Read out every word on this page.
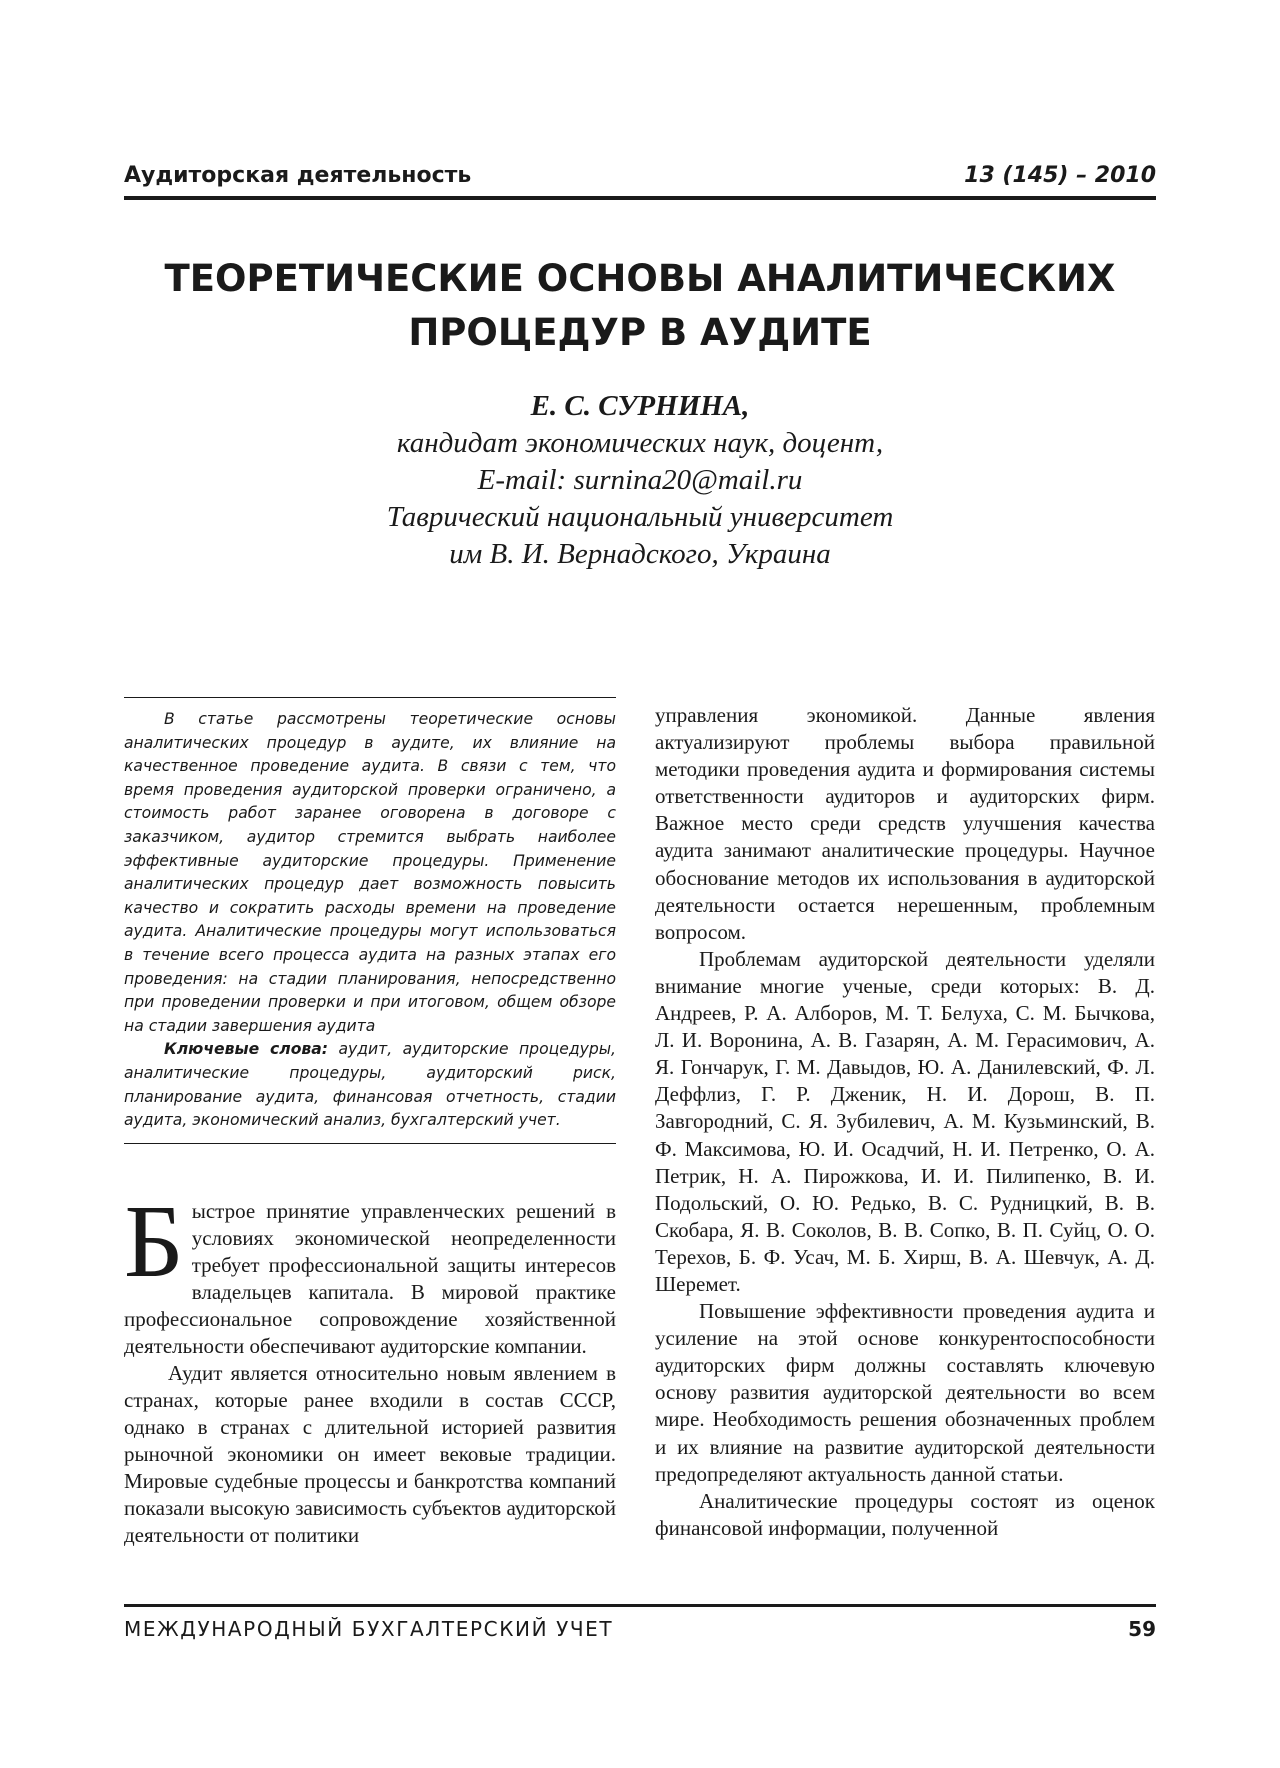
Аудиторская деятельность	13 (145) – 2010
ТЕОРЕТИЧЕСКИЕ ОСНОВЫ АНАЛИТИЧЕСКИХ
ПРОЦЕДУР В АУДИТЕ
Е. С. СУРНИНА,
кандидат экономических наук, доцент,
E-mail: surnina20@mail.ru
Таврический национальный университет
им В. И. Вернадского, Украина

В статье рассмотрены теоретические основы аналитических процедур в аудите, их влияние на качественное проведение аудита. В связи с тем, что время проведения аудиторской проверки ограничено, а стоимость работ заранее оговорена в договоре с заказчиком, аудитор стремится выбрать наиболее эффективные аудиторские процедуры. Применение аналитических процедур дает возможность повысить качество и сократить расходы времени на проведение аудита. Аналитические процедуры могут использоваться в течение всего процесса аудита на разных этапах его проведения: на стадии планирования, непосредственно при проведении проверки и при итоговом, общем обзоре на стадии завершения аудита

Ключевые слова: аудит, аудиторские процедуры, аналитические процедуры, аудиторский риск, планирование аудита, финансовая отчетность, стадии аудита, экономический анализ, бухгалтерский учет.

Быстрое принятие управленческих решений в условиях экономической неопределенности требует профессиональной защиты интересов владельцев капитала. В мировой практике профессиональное сопровождение хозяйственной деятельности обеспечивают аудиторские компании.

Аудит является относительно новым явлением в странах, которые ранее входили в состав СССР, однако в странах с длительной историей развития рыночной экономики он имеет вековые традиции. Мировые судебные процессы и банкротства компаний показали высокую зависимость субъектов аудиторской деятельности от политики

управления экономикой. Данные явления актуализируют проблемы выбора правильной методики проведения аудита и формирования системы ответственности аудиторов и аудиторских фирм. Важное место среди средств улучшения качества аудита занимают аналитические процедуры. Научное обоснование методов их использования в аудиторской деятельности остается нерешенным, проблемным вопросом.

Проблемам аудиторской деятельности уделяли внимание многие ученые, среди которых: В. Д. Андреев, Р. А. Алборов, М. Т. Белуха, С. М. Бычкова, Л. И. Воронина, А. В. Газарян, А. М. Герасимович, А. Я. Гончарук, Г. М. Давыдов, Ю. А. Данилевский, Ф. Л. Деффлиз, Г. Р. Дженик, Н. И. Дорош, В. П. Завгородний, С. Я. Зубилевич, А. М. Кузьминский, В. Ф. Максимова, Ю. И. Осадчий, Н. И. Петренко, О. А. Петрик, Н. А. Пирожкова, И. И. Пилипенко, В. И. Подольский, О. Ю. Редько, В. С. Рудницкий, В. В. Скобара, Я. В. Соколов, В. В. Сопко, В. П. Суйц, О. О. Терехов, Б. Ф. Усач, М. Б. Хирш, В. А. Шевчук, А. Д. Шеремет.

Повышение эффективности проведения аудита и усиление на этой основе конкурентоспособности аудиторских фирм должны составлять ключевую основу развития аудиторской деятельности во всем мире. Необходимость решения обозначенных проблем и их влияние на развитие аудиторской деятельности предопределяют актуальность данной статьи.

Аналитические процедуры состоят из оценок финансовой информации, полученной

МЕЖДУНАРОДНЫЙ БУХГАЛТЕРСКИЙ УЧЕТ	59
